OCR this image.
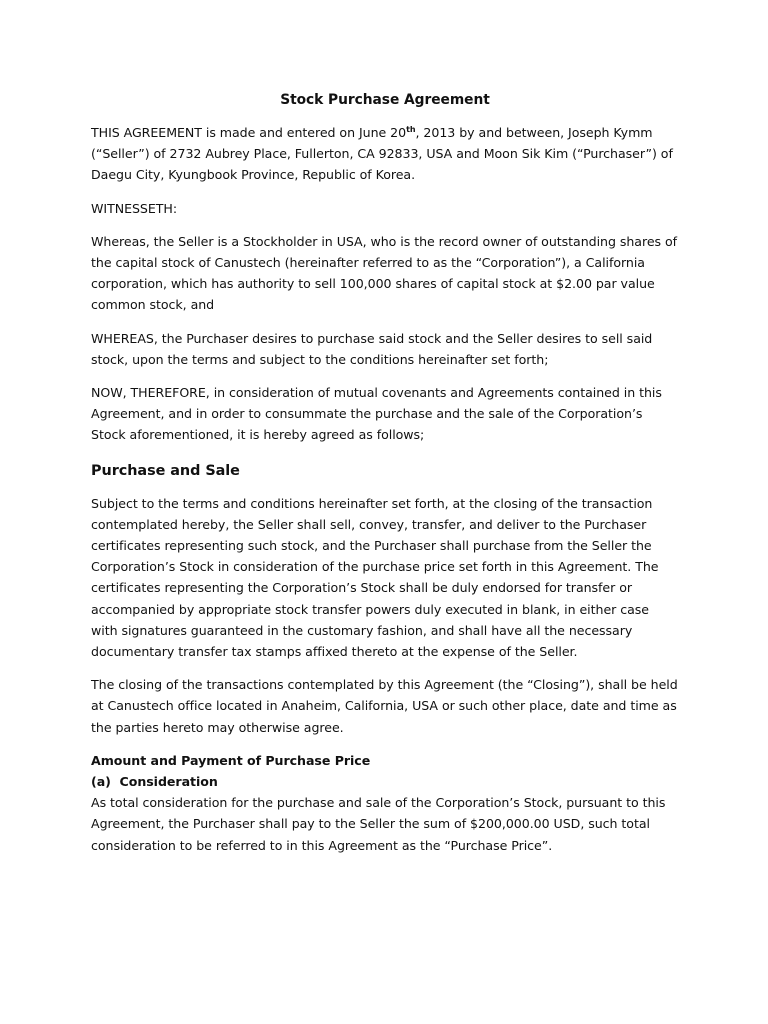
Stock Purchase Agreement

THIS AGREEMENT is made and entered on June 20th, 2013 by and between, Joseph Kymm (“Seller”) of 2732 Aubrey Place, Fullerton, CA 92833, USA and Moon Sik Kim (“Purchaser”) of Daegu City, Kyungbook Province, Republic of Korea.

WITNESSETH:

Whereas, the Seller is a Stockholder in USA, who is the record owner of outstanding shares of the capital stock of Canustech (hereinafter referred to as the “Corporation”), a California corporation, which has authority to sell 100,000 shares of capital stock at $2.00 par value common stock, and

WHEREAS, the Purchaser desires to purchase said stock and the Seller desires to sell said stock, upon the terms and subject to the conditions hereinafter set forth;

NOW, THEREFORE, in consideration of mutual covenants and Agreements contained in this Agreement, and in order to consummate the purchase and the sale of the Corporation’s Stock aforementioned, it is hereby agreed as follows;

Purchase and Sale

Subject to the terms and conditions hereinafter set forth, at the closing of the transaction contemplated hereby, the Seller shall sell, convey, transfer, and deliver to the Purchaser certificates representing such stock, and the Purchaser shall purchase from the Seller the Corporation’s Stock in consideration of the purchase price set forth in this Agreement. The certificates representing the Corporation’s Stock shall be duly endorsed for transfer or accompanied by appropriate stock transfer powers duly executed in blank, in either case with signatures guaranteed in the customary fashion, and shall have all the necessary documentary transfer tax stamps affixed thereto at the expense of the Seller.

The closing of the transactions contemplated by this Agreement (the “Closing”), shall be held at Canustech office located in Anaheim, California, USA or such other place, date and time as the parties hereto may otherwise agree.

Amount and Payment of Purchase Price
(a)  Consideration

As total consideration for the purchase and sale of the Corporation’s Stock, pursuant to this Agreement, the Purchaser shall pay to the Seller the sum of $200,000.00 USD, such total consideration to be referred to in this Agreement as the “Purchase Price”.
